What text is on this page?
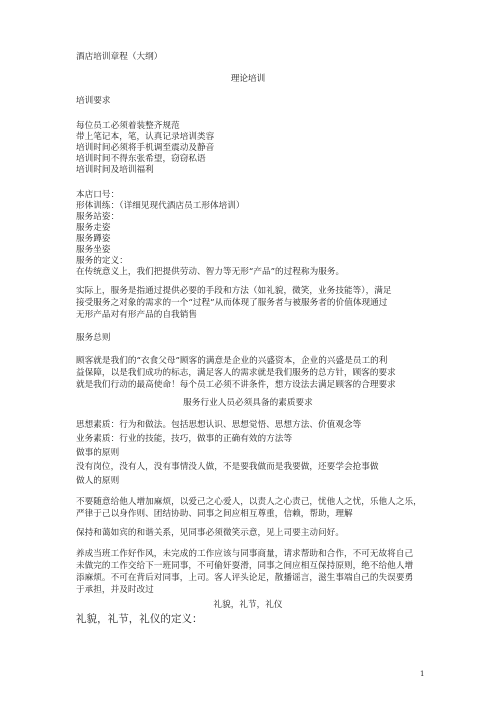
酒店培训章程（大纲）
理论培训
培训要求
每位员工必须着装整齐规范
带上笔记本，笔，认真记录培训类容
培训时间必须将手机调至震动及静音
培训时间不得东张希望，窃窃私语
培训时间及培训福利
本店口号：
形体训练：（详细见现代酒店员工形体培训）
服务站姿：
服务走姿
服务蹲姿
服务坐姿
服务的定义：
在传统意义上，我们把提供劳动、智力等无形“产品”的过程称为服务。
实际上，服务是指通过提供必要的手段和方法（如礼貌，微笑，业务技能等），满足
接受服务之对象的需求的一个“过程”从而体现了服务者与被服务者的价值体现通过
无形产品对有形产品的自我销售
服务总则
顾客就是我们的“衣食父母”顾客的满意是企业的兴盛资本，企业的兴盛是员工的利
益保障，以是我们成功的标志，满足客人的需求就是我们服务的总方针，顾客的要求
就是我们行动的最高使命！每个员工必须不讲条件，想方设法去满足顾客的合理要求
服务行业人员必须具备的素质要求
思想素质：行为和做法。包括思想认识、思想觉悟、思想方法、价值观念等
业务素质：行业的技能，技巧，做事的正确有效的方法等
做事的原则
没有岗位，没有人，没有事情没人做，不是要我做而是我要做，还要学会抢事做
做人的原则
不要随意给他人增加麻烦，以爱己之心爱人，以责人之心责己，忧他人之忧，乐他人之乐，
严律于己以身作则、团结协助、同事之间应相互尊重，信赖，帮助，理解
保持和蔼如宾的和谐关系，见同事必须微笑示意，见上司要主动问好。
养成当班工作好作风，未完成的工作应该与同事商量，请求帮助和合作，不可无故将自己
未做完的工作交给下一班同事，不可偷奸耍滑，同事之间应相互保持原则，绝不给他人增
添麻烦。不可在背后对同事，上司。客人评头论足，散播谣言，滋生事端自己的失误要勇
于承担，并及时改过
礼貌，礼节，礼仪
礼貌，礼节，礼仪的定义：
1
